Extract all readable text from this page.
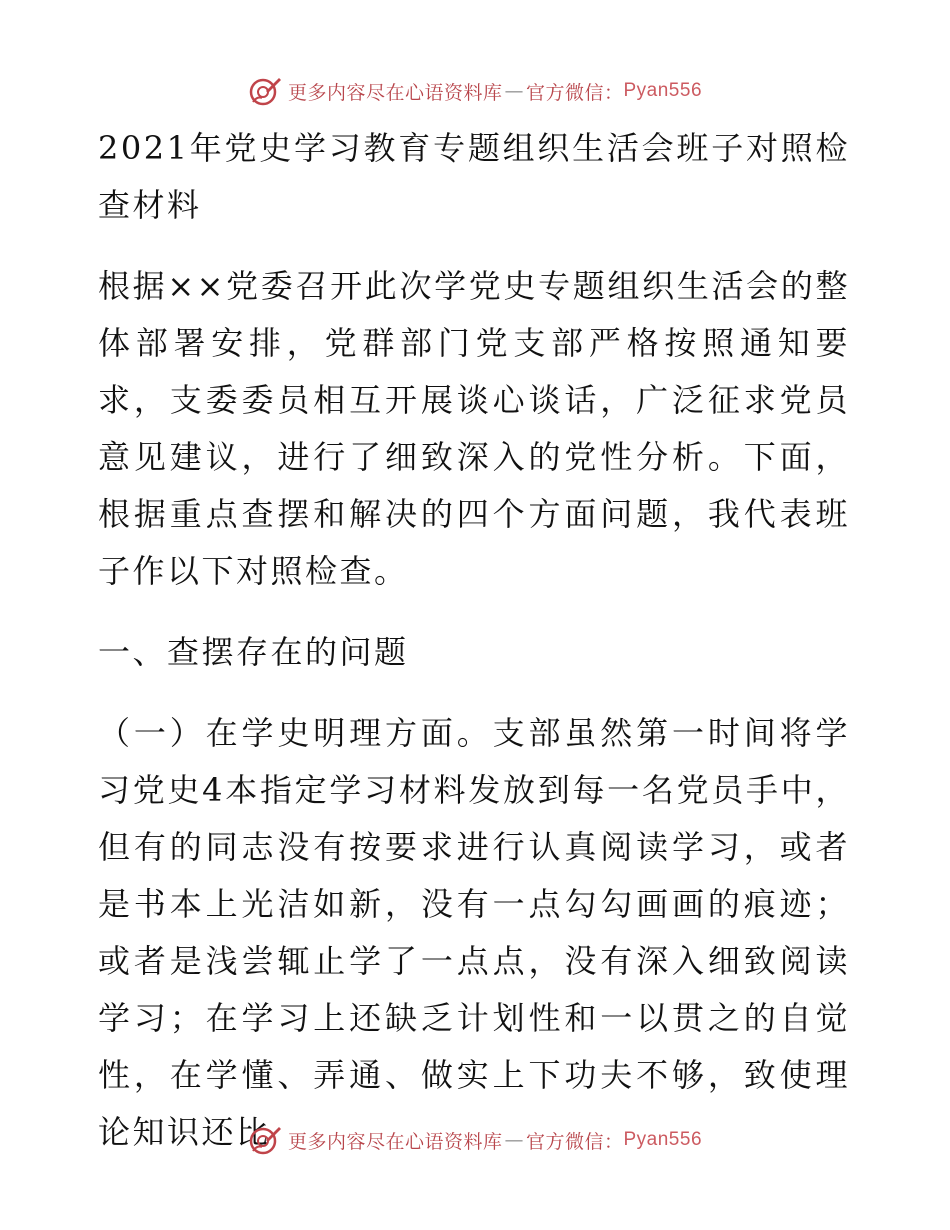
更多内容尽在心语资料库 — 官方微信： Pyan556

2021年党史学习教育专题组织生活会班子对照检查材料

根据××党委召开此次学党史专题组织生活会的整体部署安排，党群部门党支部严格按照通知要求，支委委员相互开展谈心谈话，广泛征求党员意见建议，进行了细致深入的党性分析。下面，根据重点查摆和解决的四个方面问题，我代表班子作以下对照检查。

一、查摆存在的问题

（一）在学史明理方面。支部虽然第一时间将学习党史4本指定学习材料发放到每一名党员手中，但有的同志没有按要求进行认真阅读学习，或者是书本上光洁如新，没有一点勾勾画画的痕迹；或者是浅尝辄止学了一点点，没有深入细致阅读学习；在学习上还缺乏计划性和一以贯之的自觉性，在学懂、弄通、做实上下功夫不够，致使理论知识还比 更多内容尽在心语资料库 — 官方微信： Pyan556
